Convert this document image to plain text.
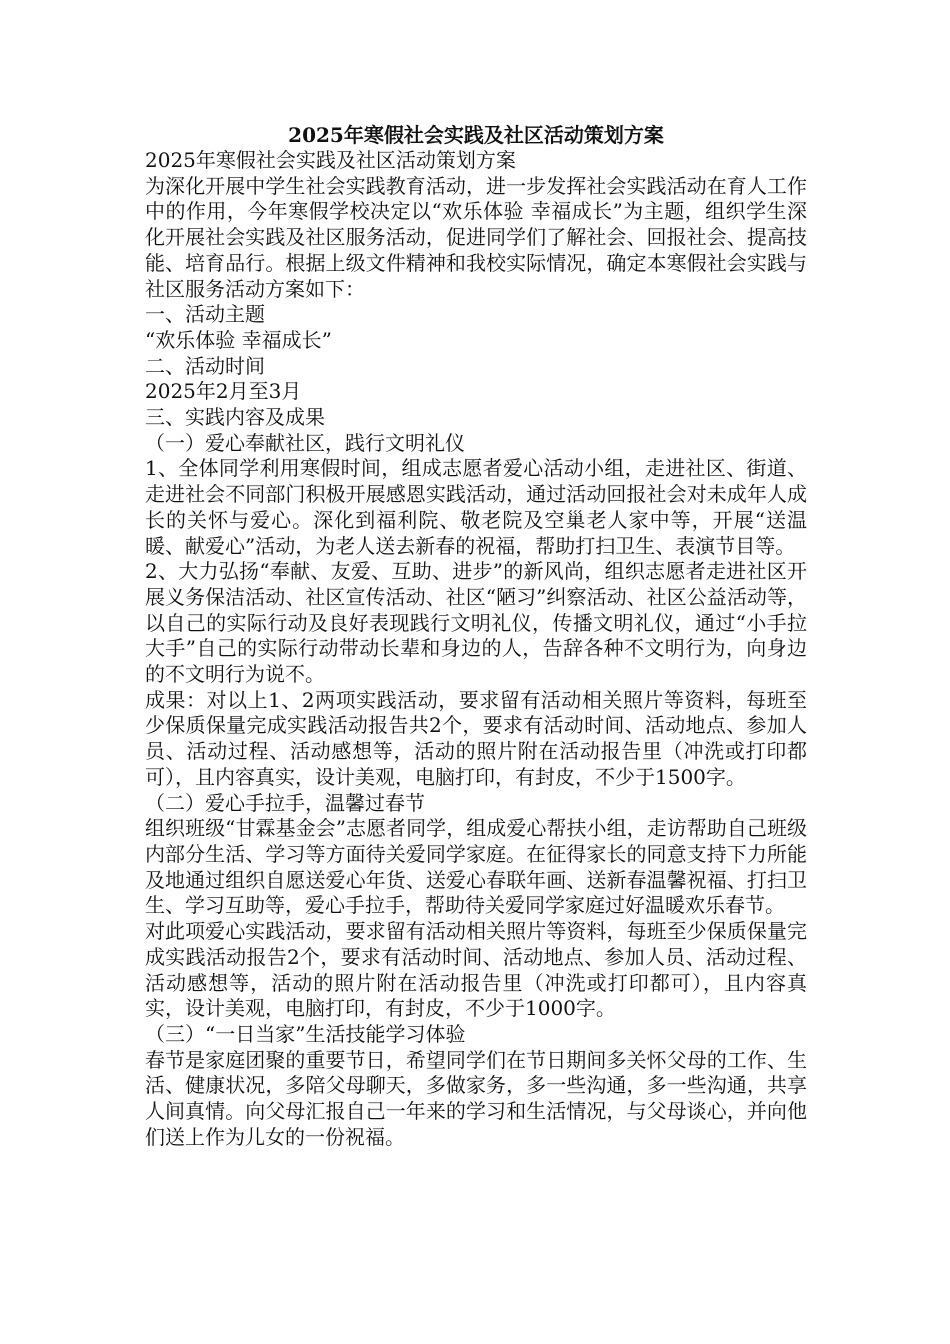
2025年寒假社会实践及社区活动策划方案

2025年寒假社会实践及社区活动策划方案

为深化开展中学生社会实践教育活动，进一步发挥社会实践活动在育人工作中的作用，今年寒假学校决定以“欢乐体验 幸福成长”为主题，组织学生深化开展社会实践及社区服务活动，促进同学们了解社会、回报社会、提高技能、培育品行。根据上级文件精神和我校实际情况，确定本寒假社会实践与社区服务活动方案如下：

一、活动主题

“欢乐体验 幸福成长”

二、活动时间

2025年2月至3月

三、实践内容及成果

（一）爱心奉献社区，践行文明礼仪

1、全体同学利用寒假时间，组成志愿者爱心活动小组，走进社区、街道、走进社会不同部门积极开展感恩实践活动，通过活动回报社会对未成年人成长的关怀与爱心。深化到福利院、敬老院及空巢老人家中等，开展“送温暖、献爱心”活动，为老人送去新春的祝福，帮助打扫卫生、表演节目等。

2、大力弘扬“奉献、友爱、互助、进步”的新风尚，组织志愿者走进社区开展义务保洁活动、社区宣传活动、社区“陋习”纠察活动、社区公益活动等，以自己的实际行动及良好表现践行文明礼仪，传播文明礼仪，通过“小手拉大手”自己的实际行动带动长辈和身边的人，告辞各种不文明行为，向身边的不文明行为说不。

成果：对以上1、2两项实践活动，要求留有活动相关照片等资料，每班至少保质保量完成实践活动报告共2个，要求有活动时间、活动地点、参加人员、活动过程、活动感想等，活动的照片附在活动报告里（冲洗或打印都可），且内容真实，设计美观，电脑打印，有封皮，不少于1500字。

（二）爱心手拉手，温馨过春节

组织班级“甘霖基金会”志愿者同学，组成爱心帮扶小组，走访帮助自己班级内部分生活、学习等方面待关爱同学家庭。在征得家长的同意支持下力所能及地通过组织自愿送爱心年货、送爱心春联年画、送新春温馨祝福、打扫卫生、学习互助等，爱心手拉手，帮助待关爱同学家庭过好温暖欢乐春节。

对此项爱心实践活动，要求留有活动相关照片等资料，每班至少保质保量完成实践活动报告2个，要求有活动时间、活动地点、参加人员、活动过程、活动感想等，活动的照片附在活动报告里（冲洗或打印都可），且内容真实，设计美观，电脑打印，有封皮，不少于1000字。

（三）“一日当家”生活技能学习体验

春节是家庭团聚的重要节日，希望同学们在节日期间多关怀父母的工作、生活、健康状况，多陪父母聊天，多做家务，多一些沟通，多一些沟通，共享人间真情。向父母汇报自己一年来的学习和生活情况，与父母谈心，并向他们送上作为儿女的一份祝福。
